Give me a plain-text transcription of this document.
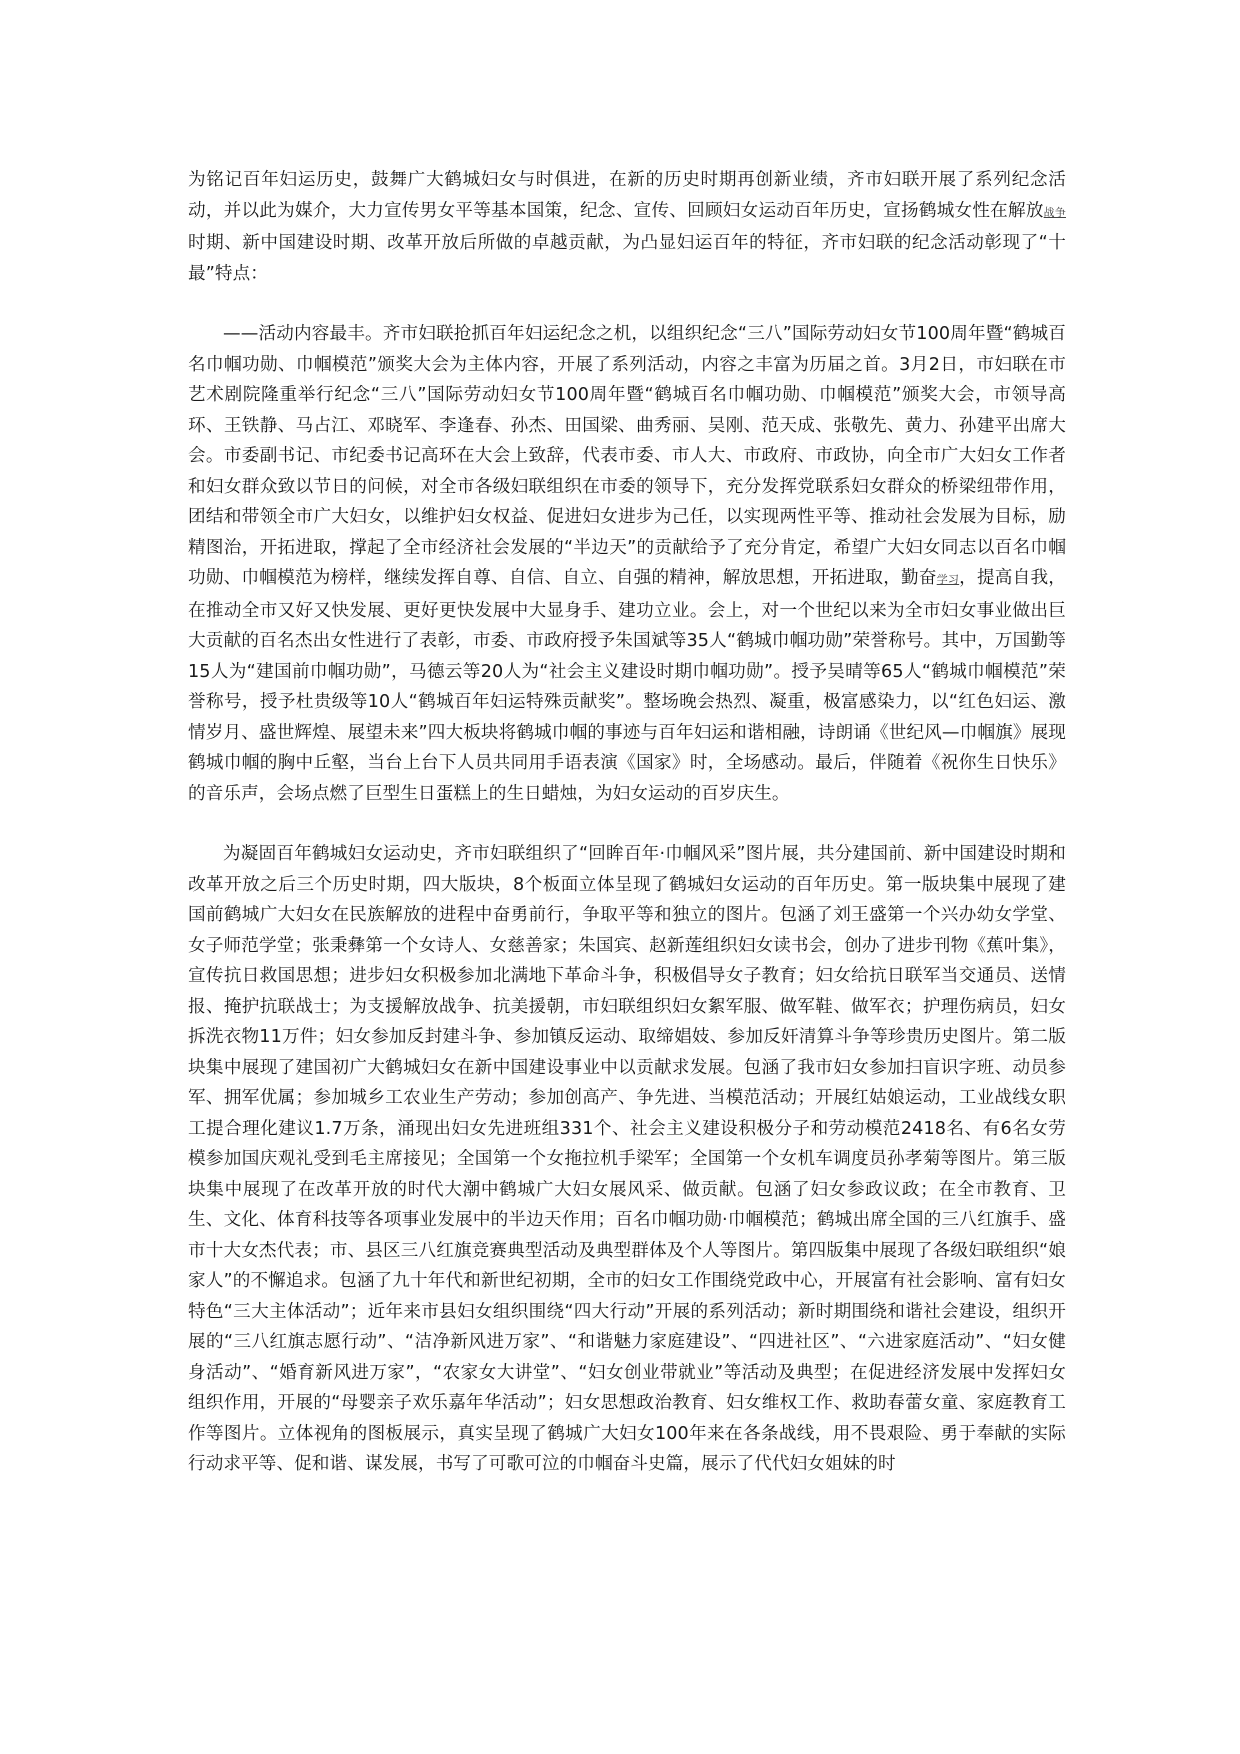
为铭记百年妇运历史，鼓舞广大鹤城妇女与时俱进，在新的历史时期再创新业绩，齐市妇联开展了系列纪念活动，并以此为媒介，大力宣传男女平等基本国策，纪念、宣传、回顾妇女运动百年历史，宣扬鹤城女性在解放战争时期、新中国建设时期、改革开放后所做的卓越贡献，为凸显妇运百年的特征，齐市妇联的纪念活动彰现了“十最”特点：

——活动内容最丰。齐市妇联抢抓百年妇运纪念之机，以组织纪念“三八”国际劳动妇女节100周年暨“鹤城百名巾帼功勋、巾帼模范”颁奖大会为主体内容，开展了系列活动，内容之丰富为历届之首。3月2日，市妇联在市艺术剧院隆重举行纪念“三八”国际劳动妇女节100周年暨“鹤城百名巾帼功勋、巾帼模范”颁奖大会，市领导高环、王铁静、马占江、邓晓军、李逢春、孙杰、田国梁、曲秀丽、吴刚、范天成、张敬先、黄力、孙建平出席大会。市委副书记、市纪委书记高环在大会上致辞，代表市委、市人大、市政府、市政协，向全市广大妇女工作者和妇女群众致以节日的问候，对全市各级妇联组织在市委的领导下，充分发挥党联系妇女群众的桥梁纽带作用，团结和带领全市广大妇女，以维护妇女权益、促进妇女进步为己任，以实现两性平等、推动社会发展为目标，励精图治，开拓进取，撑起了全市经济社会发展的“半边天”的贡献给予了充分肯定，希望广大妇女同志以百名巾帼功勋、巾帼模范为榜样，继续发挥自尊、自信、自立、自强的精神，解放思想，开拓进取，勤奋学习，提高自我，在推动全市又好又快发展、更好更快发展中大显身手、建功立业。会上，对一个世纪以来为全市妇女事业做出巨大贡献的百名杰出女性进行了表彰，市委、市政府授予朱国斌等35人“鹤城巾帼功勋”荣誉称号。其中，万国勤等15人为“建国前巾帼功勋”，马德云等20人为“社会主义建设时期巾帼功勋”。授予吴晴等65人“鹤城巾帼模范”荣誉称号，授予杜贵级等10人“鹤城百年妇运特殊贡献奖”。整场晚会热烈、凝重，极富感染力，以“红色妇运、激情岁月、盛世辉煌、展望未来”四大板块将鹤城巾帼的事迹与百年妇运和谐相融，诗朗诵《世纪风—巾帼旗》展现鹤城巾帼的胸中丘壑，当台上台下人员共同用手语表演《国家》时，全场感动。最后，伴随着《祝你生日快乐》的音乐声，会场点燃了巨型生日蛋糕上的生日蜡烛，为妇女运动的百岁庆生。

为凝固百年鹤城妇女运动史，齐市妇联组织了“回眸百年·巾帼风采”图片展，共分建国前、新中国建设时期和改革开放之后三个历史时期，四大版块，8个板面立体呈现了鹤城妇女运动的百年历史。第一版块集中展现了建国前鹤城广大妇女在民族解放的进程中奋勇前行，争取平等和独立的图片。包涵了刘王盛第一个兴办幼女学堂、女子师范学堂；张秉彝第一个女诗人、女慈善家；朱国宾、赵新莲组织妇女读书会，创办了进步刊物《蕉叶集》，宣传抗日救国思想；进步妇女积极参加北满地下革命斗争，积极倡导女子教育；妇女给抗日联军当交通员、送情报、掩护抗联战士；为支援解放战争、抗美援朝，市妇联组织妇女絮军服、做军鞋、做军衣；护理伤病员，妇女拆洗衣物11万件；妇女参加反封建斗争、参加镇反运动、取缔娼妓、参加反奸清算斗争等珍贵历史图片。第二版块集中展现了建国初广大鹤城妇女在新中国建设事业中以贡献求发展。包涵了我市妇女参加扫盲识字班、动员参军、拥军优属；参加城乡工农业生产劳动；参加创高产、争先进、当模范活动；开展红姑娘运动，工业战线女职工提合理化建议1.7万条，涌现出妇女先进班组331个、社会主义建设积极分子和劳动模范2418名、有6名女劳模参加国庆观礼受到毛主席接见；全国第一个女拖拉机手梁军；全国第一个女机车调度员孙孝菊等图片。第三版块集中展现了在改革开放的时代大潮中鹤城广大妇女展风采、做贡献。包涵了妇女参政议政；在全市教育、卫生、文化、体育科技等各项事业发展中的半边天作用；百名巾帼功勋·巾帼模范；鹤城出席全国的三八红旗手、盛市十大女杰代表；市、县区三八红旗竞赛典型活动及典型群体及个人等图片。第四版集中展现了各级妇联组织“娘家人”的不懈追求。包涵了九十年代和新世纪初期，全市的妇女工作围绕党政中心，开展富有社会影响、富有妇女特色“三大主体活动”；近年来市县妇女组织围绕“四大行动”开展的系列活动；新时期围绕和谐社会建设，组织开展的“三八红旗志愿行动”、“洁净新风进万家”、“和谐魅力家庭建设”、“四进社区”、“六进家庭活动”、“妇女健身活动”、“婚育新风进万家”，“农家女大讲堂”、“妇女创业带就业”等活动及典型；在促进经济发展中发挥妇女组织作用，开展的“母婴亲子欢乐嘉年华活动”；妇女思想政治教育、妇女维权工作、救助春蕾女童、家庭教育工作等图片。立体视角的图板展示，真实呈现了鹤城广大妇女100年来在各条战线，用不畏艰险、勇于奉献的实际行动求平等、促和谐、谋发展，书写了可歌可泣的巾帼奋斗史篇，展示了代代妇女姐妹的时
